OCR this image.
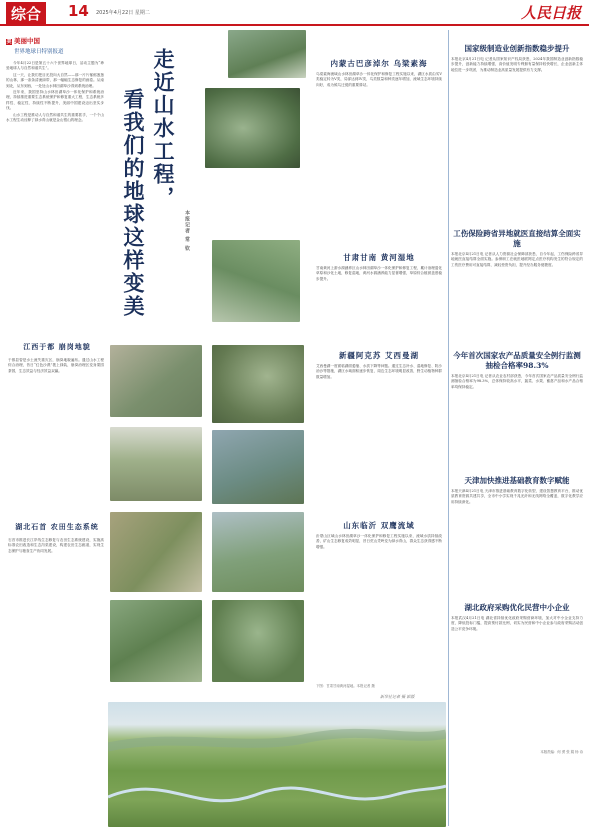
综合	14 2025年4月22日 星期二	人民日报
美 美丽中国
世界地球日特别报道

今年4月22日是第五十六个世界地球日，活动主题为“珍爱地球人与自然和谐共生”。

这一天，让我们把目光投向大自然——那一片片郁郁葱葱的山林，那一条条清流绿带，那一幅幅生态修复的画卷。从南到北，从东到西，一处处山水林田湖草沙得到系统治理。

近年来，我国坚持山水林田湖草沙一体化保护和系统治理，持续推进重要生态系统保护和修复重大工程，生态系统多样性、稳定性、持续性不断提升，美丽中国建设迈出坚实步伐。

山水工程是推动人与自然和谐共生的重要抓手，一个个山水工程生动诠释了绿水青山就是金山银山的理念。	走近山水工程，
看我们的地球这样变美	本报记者 常 钦
内蒙古巴彦淖尔 乌梁素海
乌梁素海流域山水林田湖草沙一体化保护和修复工程实施以来，湖区水质由劣V类稳定转为V类，局部达到IV类，鸟类数量和种类逐年增加，流域生态环境持续向好，成为候鸟迁徙的重要驿站。
甘肃甘南 黄河湿地
甘南黄河上游水源涵养区山水林田湖草沙一体化保护和修复工程，累计治理退化草原和沙化土地，修复湿地，黄河水源涵养能力显著增强，草原综合植被盖度稳步提升。
江西于都 崩岗地貌
于都县曾是水土流失重灾区，崩岗地貌遍布。通过山水工程综合治理，昔日“红色沙漠”披上绿装，崩岗治理区变身果园茶园，生态效益与经济效益双赢。
新疆阿克苏 艾西曼湖
艾西曼湖一度面临湖面萎缩、水质下降等问题。通过生态补水、湿地修复、防沙治沙等措施，湖区水域面积逐步恢复，周边生态环境明显改善，野生动植物种群数量增加。
湖北石首 农田生态系统
石首市推进长江岸线生态修复与农田生态系统建设，实施高标准农田改造和生态沟渠建设，构建农田生态廊道，实现生态保护与粮食生产协同发展。
山东临沂 双鹰流域
沂蒙山区域山水林田湖草沙一体化保护和修复工程实施以来，流域水质持续改善，矿山生态修复成效明显，昔日荒山秃岭变为绿水青山，群众生态获得感不断增强。
下图：甘肃甘南黄河湿地。本报记者 摄
新华社记者 摄 影版
国家级制造业创新指数稳步提升
本报北京4月21日电 记者从国家知识产权局获悉，2024年我国制造业创新指数稳步提升，创新能力持续增强，高价值发明专利拥有量保持较快增长，企业创新主体地位进一步巩固，为推动制造业高质量发展提供有力支撑。
工伤保险跨省异地就医直接结算全面实施
本报北京4月21日电 记者从人力资源社会保障部获悉，自今年起，工伤保险跨省异地就医直接结算全面实施。参保职工在就医地联网定点医疗机构发生的符合规定的工伤医疗费用可直接结算，减轻垫资负担，提升经办服务便捷度。
今年首次国家农产品质量安全例行监测抽检合格率98.3%
本报北京4月21日电 记者从农业农村部获悉，今年首次国家农产品质量安全例行监测抽检合格率为98.3%，总体保持较高水平，蔬菜、水果、畜禽产品和水产品合格率均保持稳定。
天津加快推进基础教育数字赋能
本报天津4月21日电 天津市推进基础教育数字化转型，建设智慧教育平台，推动优质教育资源共建共享，全市中小学实现千兆光纤和无线网络全覆盖，数字化教学应用持续深化。
湖北政府采购优化民营中小企业
本报武汉4月21日电 湖北省持续优化政府采购营商环境，加大对中小企业支持力度，降低投标门槛，提高预付款比例，切实为民营和中小企业参与政府采购活动创造公平竞争环境。
本版责编：何 勇 张 娟 杨 诗
